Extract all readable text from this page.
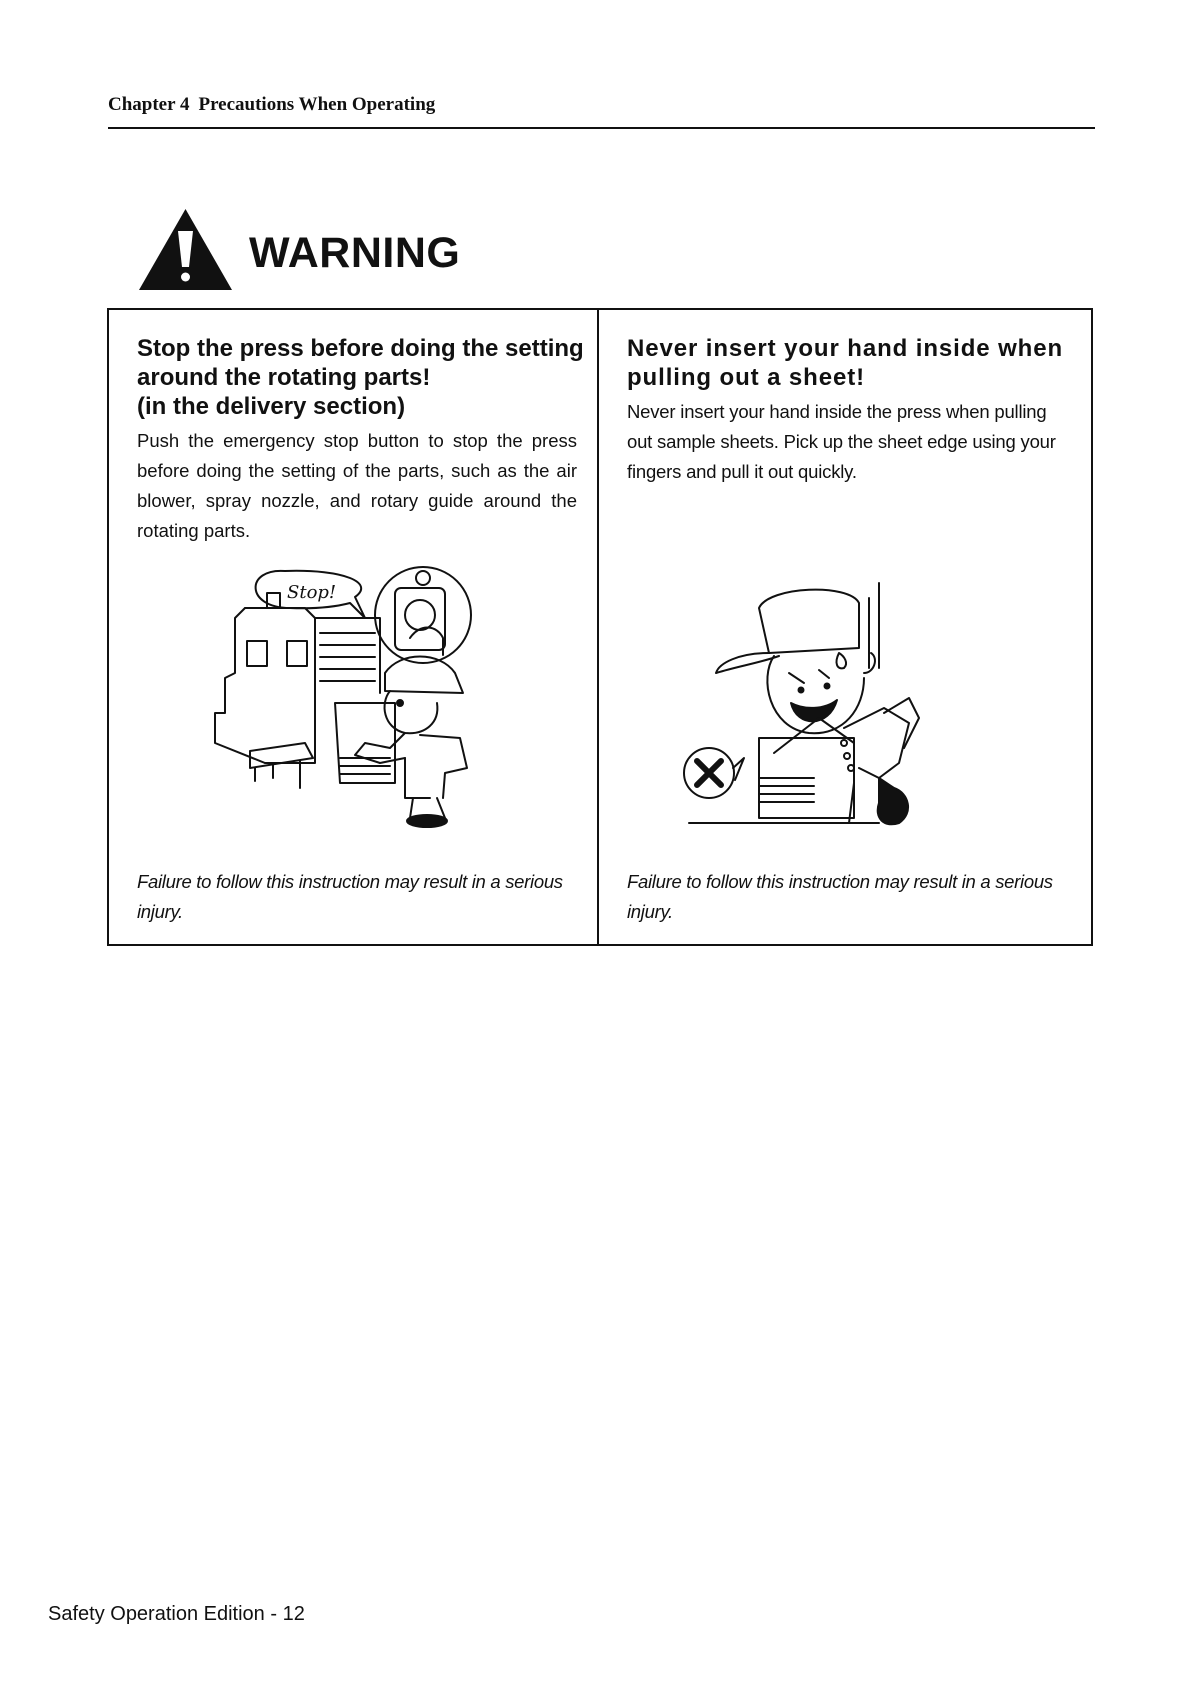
Chapter 4 Precautions When Operating
WARNING
Stop the press before doing the setting
around the rotating parts!
(in the delivery section)

Push the emergency stop button to stop the press before doing the setting of the parts, such as the air blower, spray nozzle, and rotary guide around the rotating parts.

Stop!

Failure to follow this instruction may result in a serious injury.

Never insert your hand inside when
pulling out a sheet!

Never insert your hand inside the press when pulling out sample sheets. Pick up the sheet edge using your fingers and pull it out quickly.

Failure to follow this instruction may result in a serious injury.

Safety Operation Edition - 12
